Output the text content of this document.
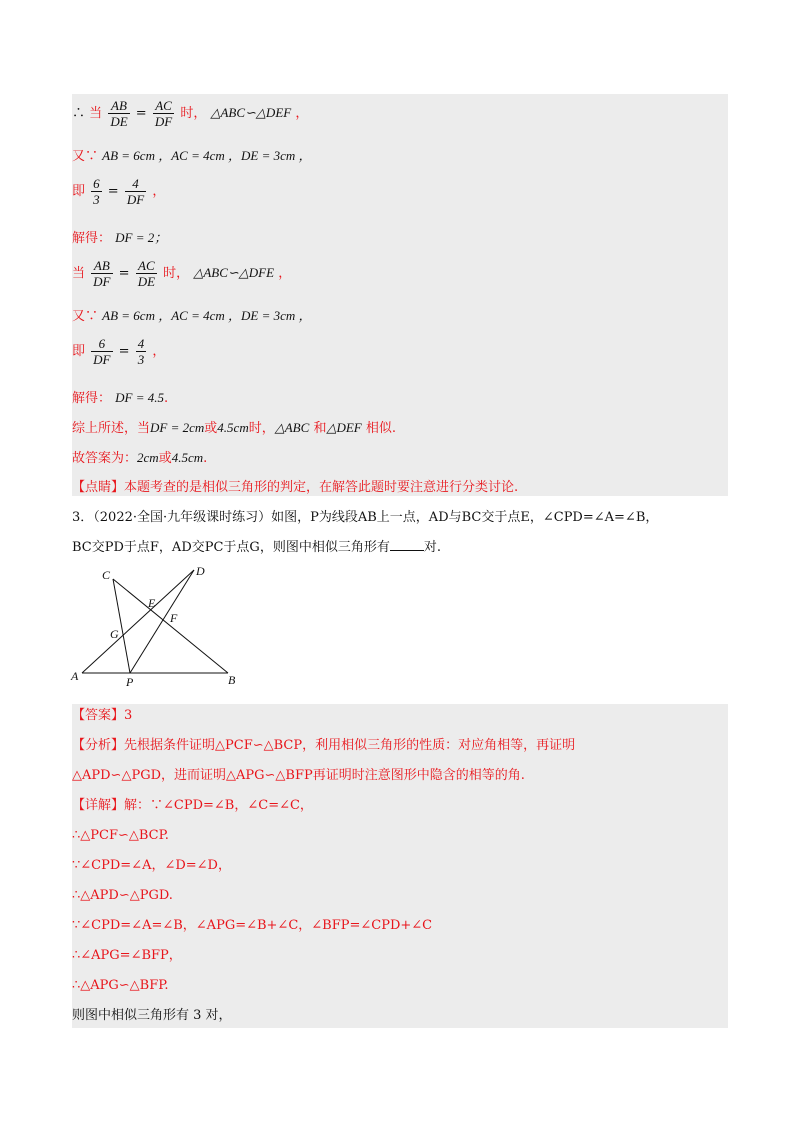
∴ 当 $\frac{AB}{DE} = \frac{AC}{DF}$ 时， △ABC∽△DEF ，
又∵ AB = 6cm ，AC = 4cm ，DE = 3cm ，
即 $\frac{6}{3} = \frac{4}{DF}$ ，
解得： DF = 2；
当 $\frac{AB}{DF} = \frac{AC}{DE}$ 时， △ABC∽△DFE ，
又∵ AB = 6cm ，AC = 4cm ，DE = 3cm ，
即 $\frac{6}{DF} = \frac{4}{3}$ ，
解得： DF = 4.5.
综上所述，当DF = 2cm或4.5cm时，△ABC 和△DEF 相似.
故答案为：2cm或4.5cm.
【点睛】本题考查的是相似三角形的判定，在解答此题时要注意进行分类讨论.
3．（2022·全国·九年级课时练习）如图，P为线段AB上一点，AD与BC交于点E，∠CPD=∠A=∠B，
BC交PD于点F，AD交PC于点G，则图中相似三角形有	对.
C	D
E
F
G
A	P	B
【答案】3
【分析】先根据条件证明△PCF∽△BCP，利用相似三角形的性质：对应角相等，再证明
△APD∽△PGD，进而证明△APG∽△BFP再证明时注意图形中隐含的相等的角.
【详解】解：∵∠CPD=∠B，∠C=∠C，
∴△PCF∽△BCP.
∵∠CPD=∠A，∠D=∠D，
∴△APD∽△PGD.
∵∠CPD=∠A=∠B，∠APG=∠B+∠C，∠BFP=∠CPD+∠C
∴∠APG=∠BFP，
∴△APG∽△BFP.
则图中相似三角形有 3 对，
